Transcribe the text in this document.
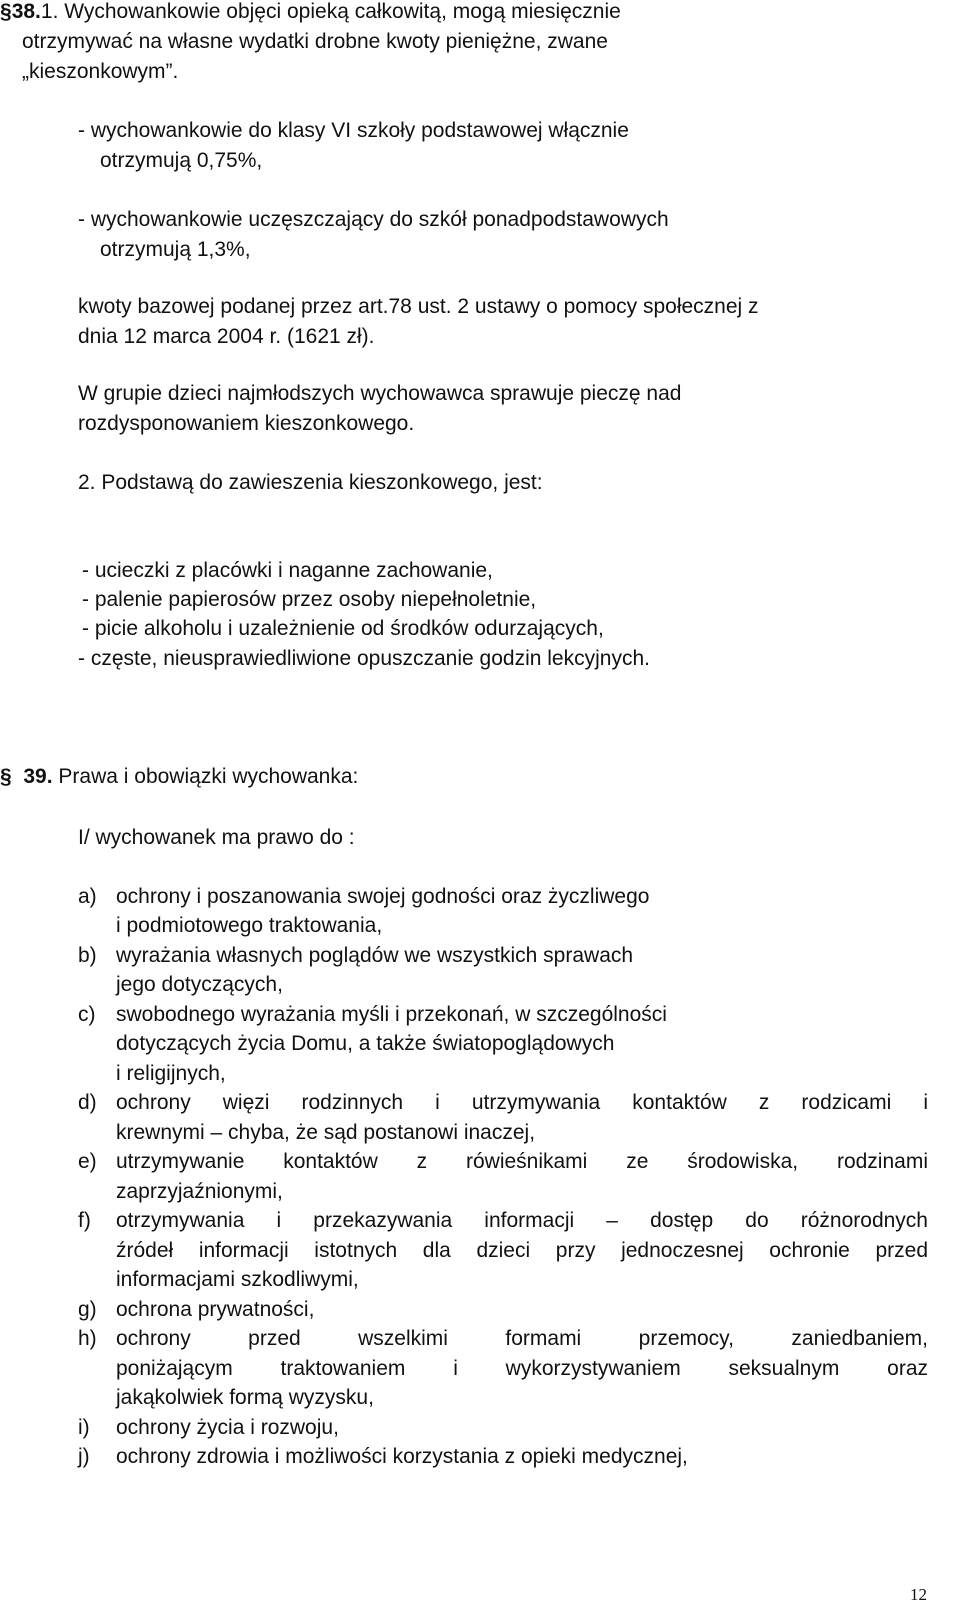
§38.1. Wychowankowie objęci opieką całkowitą, mogą miesięcznie
otrzymywać na własne wydatki drobne kwoty pieniężne, zwane
„kieszonkowym”.
- wychowankowie do klasy VI szkoły podstawowej włącznie
otrzymują 0,75%,
- wychowankowie uczęszczający do szkół ponadpodstawowych
otrzymują 1,3%,
kwoty bazowej podanej przez art.78 ust. 2 ustawy o pomocy społecznej z
dnia 12 marca 2004 r. (1621 zł).
W grupie dzieci najmłodszych wychowawca sprawuje pieczę nad
rozdysponowaniem kieszonkowego.
2. Podstawą do zawieszenia kieszonkowego, jest:
- ucieczki z placówki i naganne zachowanie,
- palenie papierosów przez osoby niepełnoletnie,
- picie alkoholu i uzależnienie od środków odurzających,
- częste, nieusprawiedliwione opuszczanie godzin lekcyjnych.
§ 39. Prawa i obowiązki wychowanka:
I/ wychowanek ma prawo do :
a) ochrony i poszanowania swojej godności oraz życzliwego
i podmiotowego traktowania,
b) wyrażania własnych poglądów we wszystkich sprawach
jego dotyczących,
c) swobodnego wyrażania myśli i przekonań, w szczególności
dotyczących życia Domu, a także światopoglądowych
i religijnych,
d) ochrony więzi rodzinnych i utrzymywania kontaktów z rodzicami i
krewnymi – chyba, że sąd postanowi inaczej,
e) utrzymywanie kontaktów z rówieśnikami ze środowiska, rodzinami
zaprzyjaźnionymi,
f)	otrzymywania i przekazywania informacji – dostęp do różnorodnych
źródeł informacji istotnych dla dzieci przy jednoczesnej ochronie przed
informacjami szkodliwymi,
g) ochrona prywatności,
h) ochrony przed wszelkimi formami przemocy, zaniedbaniem,
poniżającym traktowaniem i wykorzystywaniem seksualnym oraz
jakąkolwiek formą wyzysku,
i) ochrony życia i rozwoju,
j) ochrony zdrowia i możliwości korzystania z opieki medycznej,
12
